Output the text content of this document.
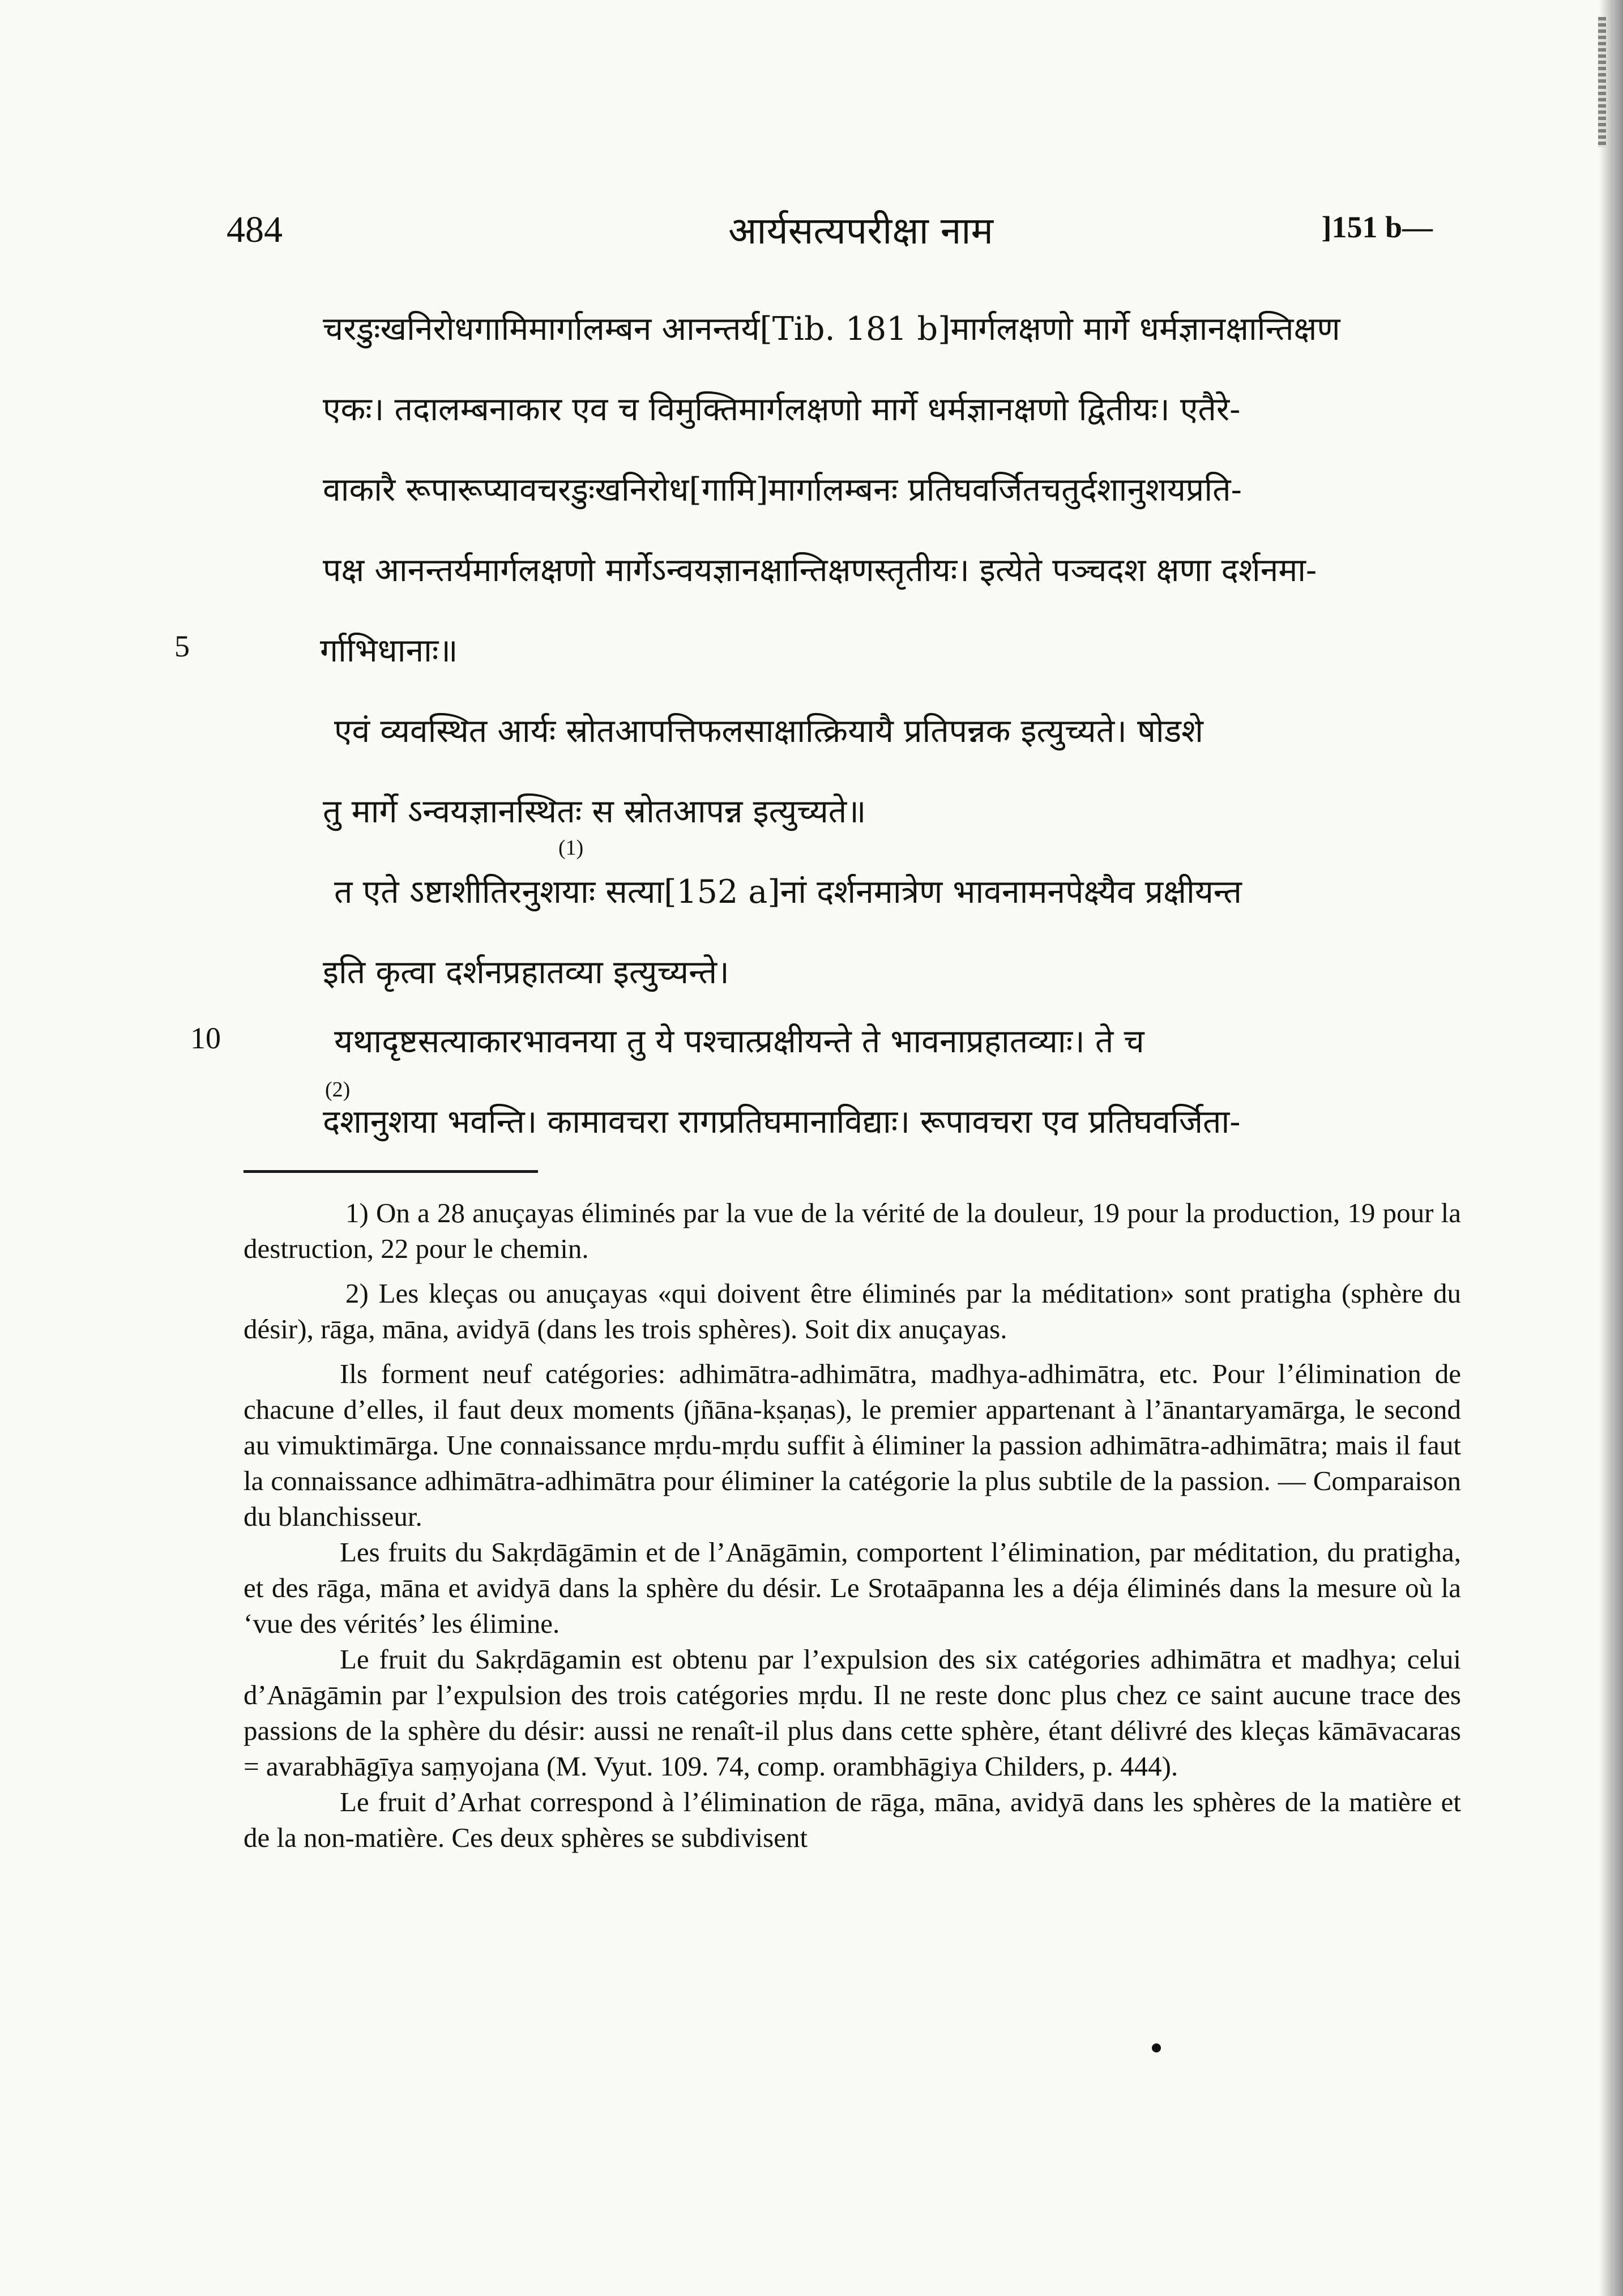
484	आर्यसत्यपरीक्षा नाम	]151 b—
चरडुःखनिरोधगामिमार्गालम्बन आनन्तर्य[Tib. 181 b]मार्गलक्षणो मार्गे धर्मज्ञानक्षान्तिक्षण
एकः। तदालम्बनाकार एव च विमुक्तिमार्गलक्षणो मार्गे धर्मज्ञानक्षणो द्वितीयः। एतैरे-
वाकारै रूपारूप्यावचरडुःखनिरोध[गामि]मार्गालम्बनः प्रतिघवर्जितचतुर्दशानुशयप्रति-
पक्ष आनन्तर्यमार्गलक्षणो मार्गेऽन्वयज्ञानक्षान्तिक्षणस्तृतीयः। इत्येते पञ्चदश क्षणा दर्शनमा-
5	र्गाभिधानाः॥
एवं व्यवस्थित आर्यः स्रोतआपत्तिफलसाक्षात्क्रियायै प्रतिपन्नक इत्युच्यते। षोडशे
तु मार्गे ऽन्वयज्ञानस्थितः स स्रोतआपन्न इत्युच्यते॥
(1)
त एते ऽष्टाशीतिरनुशयाः सत्या[152 a]नां दर्शनमात्रेण भावनामनपेक्ष्यैव प्रक्षीयन्त
इति कृत्वा दर्शनप्रहातव्या इत्युच्यन्ते।
10	यथादृष्टसत्याकारभावनया तु ये पश्चात्प्रक्षीयन्ते ते भावनाप्रहातव्याः। ते च
(2)
दशानुशया भवन्ति। कामावचरा रागप्रतिघमानाविद्याः। रूपावचरा एव प्रतिघवर्जिता-

1) On a 28 anuçayas éliminés par la vue de la vérité de la douleur, 19 pour la production, 19 pour la destruction, 22 pour le chemin.

2) Les kleças ou anuçayas «qui doivent être éliminés par la méditation» sont pratigha (sphère du désir), rāga, māna, avidyā (dans les trois sphères). Soit dix anuçayas.

Ils forment neuf catégories: adhimātra-adhimātra, madhya-adhimātra, etc. Pour l’élimination de chacune d’elles, il faut deux moments (jñāna-kṣaṇas), le premier appartenant à l’ānantaryamārga, le second au vimuktimārga. Une connaissance mṛdu-mṛdu suffit à éliminer la passion adhimātra-adhimātra; mais il faut la connaissance adhimātra-adhimātra pour éliminer la catégorie la plus subtile de la passion. — Comparaison du blanchisseur.

Les fruits du Sakṛdāgāmin et de l’Anāgāmin, comportent l’élimination, par méditation, du pratigha, et des rāga, māna et avidyā dans la sphère du désir. Le Srotaāpanna les a déja éliminés dans la mesure où la ‘vue des vérités’ les élimine.

Le fruit du Sakṛdāgamin est obtenu par l’expulsion des six catégories adhimātra et madhya; celui d’Anāgāmin par l’expulsion des trois catégories mṛdu. Il ne reste donc plus chez ce saint aucune trace des passions de la sphère du désir: aussi ne renaît-il plus dans cette sphère, étant délivré des kleças kāmāvacaras = avarabhāgīya saṃyojana (M. Vyut. 109. 74, comp. orambhāgiya Childers, p. 444).

Le fruit d’Arhat correspond à l’élimination de rāga, māna, avidyā dans les sphères de la matière et de la non-matière. Ces deux sphères se subdivisent
